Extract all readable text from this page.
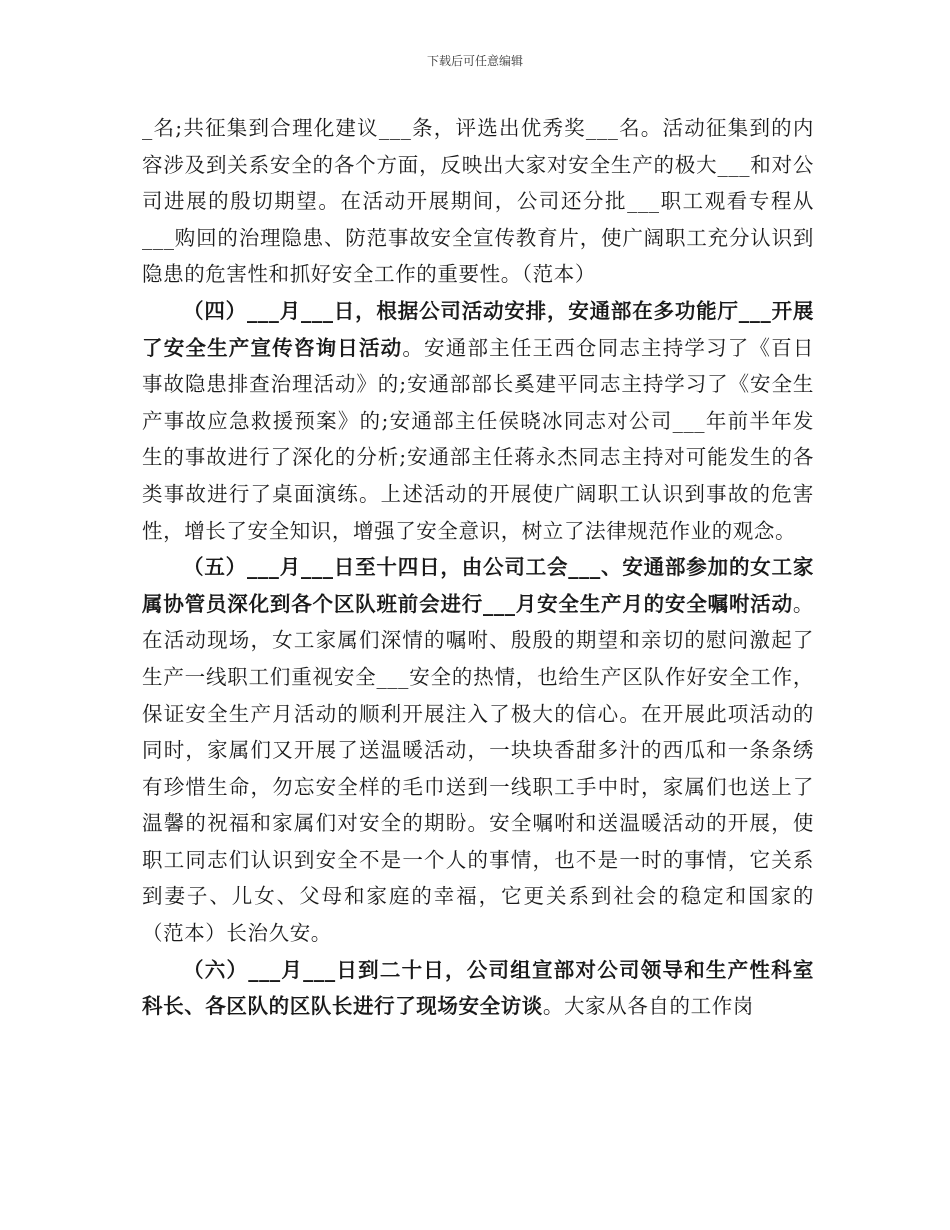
下载后可任意编辑

_名;共征集到合理化建议___条，评选出优秀奖___名。活动征集到的内容涉及到关系安全的各个方面，反映出大家对安全生产的极大___和对公司进展的殷切期望。在活动开展期间，公司还分批___职工观看专程从___购回的治理隐患、防范事故安全宣传教育片，使广阔职工充分认识到隐患的危害性和抓好安全工作的重要性。（范本）

（四）___月___日，根据公司活动安排，安通部在多功能厅___开展了安全生产宣传咨询日活动。安通部主任王西仓同志主持学习了《百日事故隐患排查治理活动》的;安通部部长奚建平同志主持学习了《安全生产事故应急救援预案》的;安通部主任侯晓冰同志对公司___年前半年发生的事故进行了深化的分析;安通部主任蒋永杰同志主持对可能发生的各类事故进行了桌面演练。上述活动的开展使广阔职工认识到事故的危害性，增长了安全知识，增强了安全意识，树立了法律规范作业的观念。

（五）___月___日至十四日，由公司工会___、安通部参加的女工家属协管员深化到各个区队班前会进行___月安全生产月的安全嘱咐活动。在活动现场，女工家属们深情的嘱咐、殷殷的期望和亲切的慰问激起了生产一线职工们重视安全___安全的热情，也给生产区队作好安全工作，保证安全生产月活动的顺利开展注入了极大的信心。在开展此项活动的同时，家属们又开展了送温暖活动，一块块香甜多汁的西瓜和一条条绣有珍惜生命，勿忘安全样的毛巾送到一线职工手中时，家属们也送上了温馨的祝福和家属们对安全的期盼。安全嘱咐和送温暖活动的开展，使职工同志们认识到安全不是一个人的事情，也不是一时的事情，它关系到妻子、儿女、父母和家庭的幸福，它更关系到社会的稳定和国家的（范本）长治久安。

（六）___月___日到二十日，公司组宣部对公司领导和生产性科室科长、各区队的区队长进行了现场安全访谈。大家从各自的工作岗
